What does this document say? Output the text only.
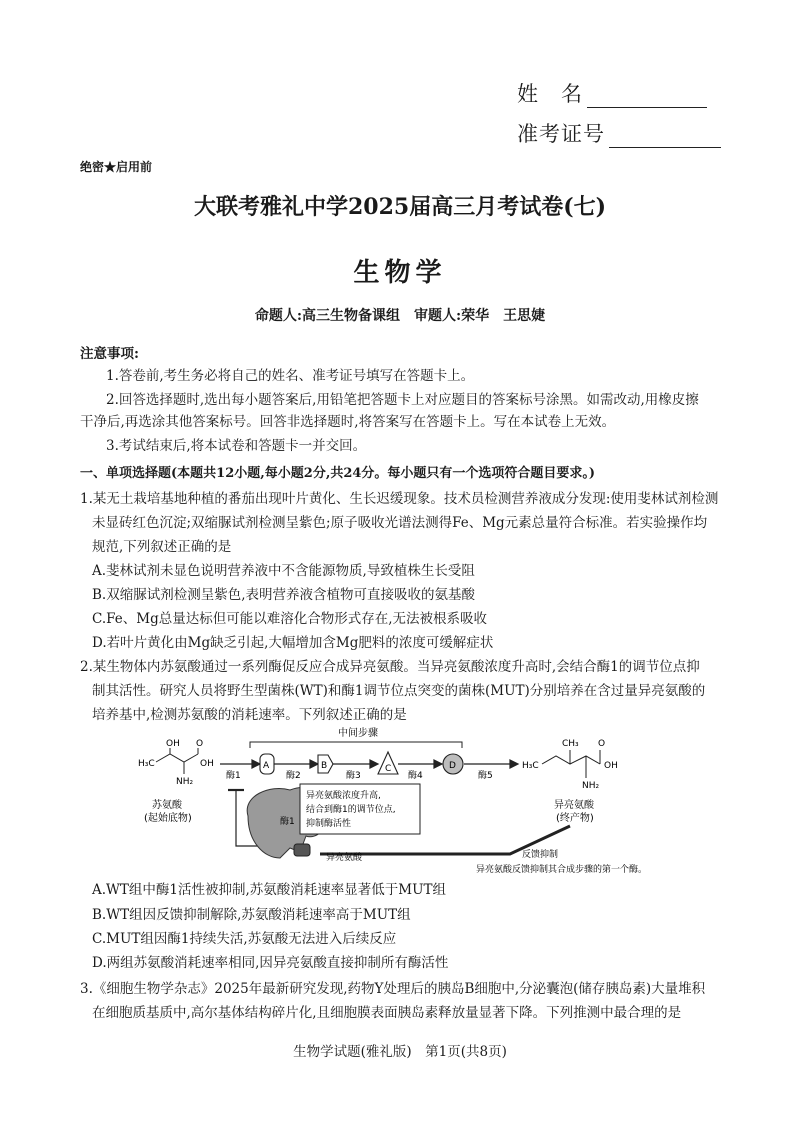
姓　名
准考证号
绝密★启用前
大联考雅礼中学2025届高三月考试卷(七)
生物学
命题人:高三生物备课组　审题人:荣华　王思婕
注意事项:
1.答卷前,考生务必将自己的姓名、准考证号填写在答题卡上。
2.回答选择题时,选出每小题答案后,用铅笔把答题卡上对应题目的答案标号涂黑。如需改动,用橡皮擦
干净后,再选涂其他答案标号。回答非选择题时,将答案写在答题卡上。写在本试卷上无效。
3.考试结束后,将本试卷和答题卡一并交回。
一、单项选择题(本题共12小题,每小题2分,共24分。每小题只有一个选项符合题目要求。)
1.某无土栽培基地种植的番茄出现叶片黄化、生长迟缓现象。技术员检测营养液成分发现:使用斐林试剂检测
未显砖红色沉淀;双缩脲试剂检测呈紫色;原子吸收光谱法测得Fe、Mg元素总量符合标准。若实验操作均
规范,下列叙述正确的是
A.斐林试剂未显色说明营养液中不含能源物质,导致植株生长受阻
B.双缩脲试剂检测呈紫色,表明营养液含植物可直接吸收的氨基酸
C.Fe、Mg总量达标但可能以难溶化合物形式存在,无法被根系吸收
D.若叶片黄化由Mg缺乏引起,大幅增加含Mg肥料的浓度可缓解症状
2.某生物体内苏氨酸通过一系列酶促反应合成异亮氨酸。当异亮氨酸浓度升高时,会结合酶1的调节位点抑
制其活性。研究人员将野生型菌株(WT)和酶1调节位点突变的菌株(MUT)分别培养在含过量异亮氨酸的
培养基中,检测苏氨酸的消耗速率。下列叙述正确的是
OH
H₃C
O
OH
NH₂
苏氨酸
(起始底物)
中间步骤
酶1	酶2	酶3	酶4	酶5
A	B	C	D
CH₃
H₃C
O
OH
NH₂
异亮氨酸
(终产物)
酶1
异亮氨酸
异亮氨酸浓度升高,
结合到酶1的调节位点,
抑制酶活性
反馈抑制
异亮氨酸反馈抑制其合成步骤的第一个酶。
A.WT组中酶1活性被抑制,苏氨酸消耗速率显著低于MUT组
B.WT组因反馈抑制解除,苏氨酸消耗速率高于MUT组
C.MUT组因酶1持续失活,苏氨酸无法进入后续反应
D.两组苏氨酸消耗速率相同,因异亮氨酸直接抑制所有酶活性
3.《细胞生物学杂志》2025年最新研究发现,药物Y处理后的胰岛B细胞中,分泌囊泡(储存胰岛素)大量堆积
在细胞质基质中,高尔基体结构碎片化,且细胞膜表面胰岛素释放量显著下降。下列推测中最合理的是
生物学试题(雅礼版)　第1页(共8页)
